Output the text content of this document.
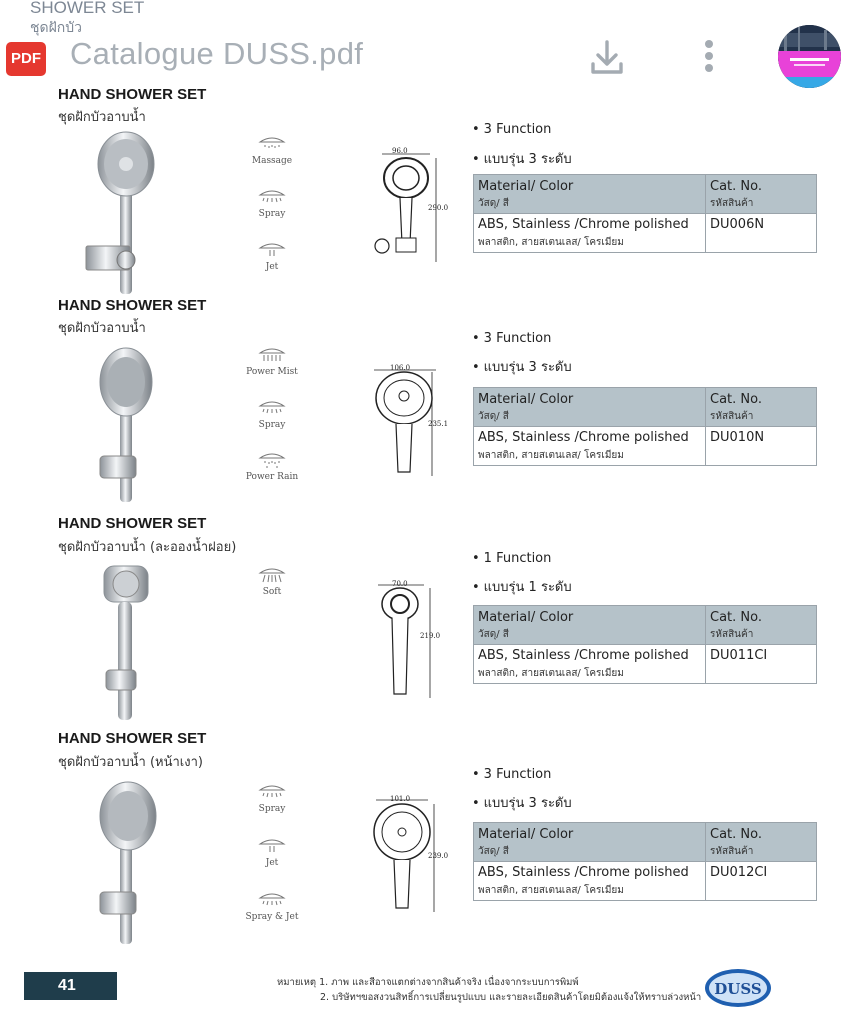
SHOWER SET
ชุดฝักบัว
PDF Catalogue DUSS.pdf
HAND SHOWER SET
ชุดฝักบัวอาบน้ำ
Massage
Spray
Jet
96.0
290.0
• 3 Function
• แบบรุ่น 3 ระดับ
Material/ Color
วัสดุ/ สี
Cat. No.
รหัสสินค้า
ABS, Stainless /Chrome polished
พลาสติก, สายสเตนเลส/ โครเมียม
DU006N
HAND SHOWER SET
ชุดฝักบัวอาบน้ำ
Power Mist
Spray
Power Rain
106.0
235.1
• 3 Function
• แบบรุ่น 3 ระดับ
Material/ Color
วัสดุ/ สี
Cat. No.
รหัสสินค้า
ABS, Stainless /Chrome polished
พลาสติก, สายสเตนเลส/ โครเมียม
DU010N
HAND SHOWER SET
ชุดฝักบัวอาบน้ำ (ละอองน้ำฝอย)
Soft
70.0
219.0
• 1 Function
• แบบรุ่น 1 ระดับ
Material/ Color
วัสดุ/ สี
Cat. No.
รหัสสินค้า
ABS, Stainless /Chrome polished
พลาสติก, สายสเตนเลส/ โครเมียม
DU011CI
HAND SHOWER SET
ชุดฝักบัวอาบน้ำ (หน้าเงา)
Spray
Jet
Spray & Jet
101.0
239.0
• 3 Function
• แบบรุ่น 3 ระดับ
Material/ Color
วัสดุ/ สี
Cat. No.
รหัสสินค้า
ABS, Stainless /Chrome polished
พลาสติก, สายสเตนเลส/ โครเมียม
DU012CI
41	หมายเหตุ 1. ภาพ และสีอาจแตกต่างจากสินค้าจริง เนื่องจากระบบการพิมพ์
2. บริษัทฯขอสงวนสิทธิ์การเปลี่ยนรูปแบบ และรายละเอียดสินค้าโดยมิต้องแจ้งให้ทราบล่วงหน้า DUSS
